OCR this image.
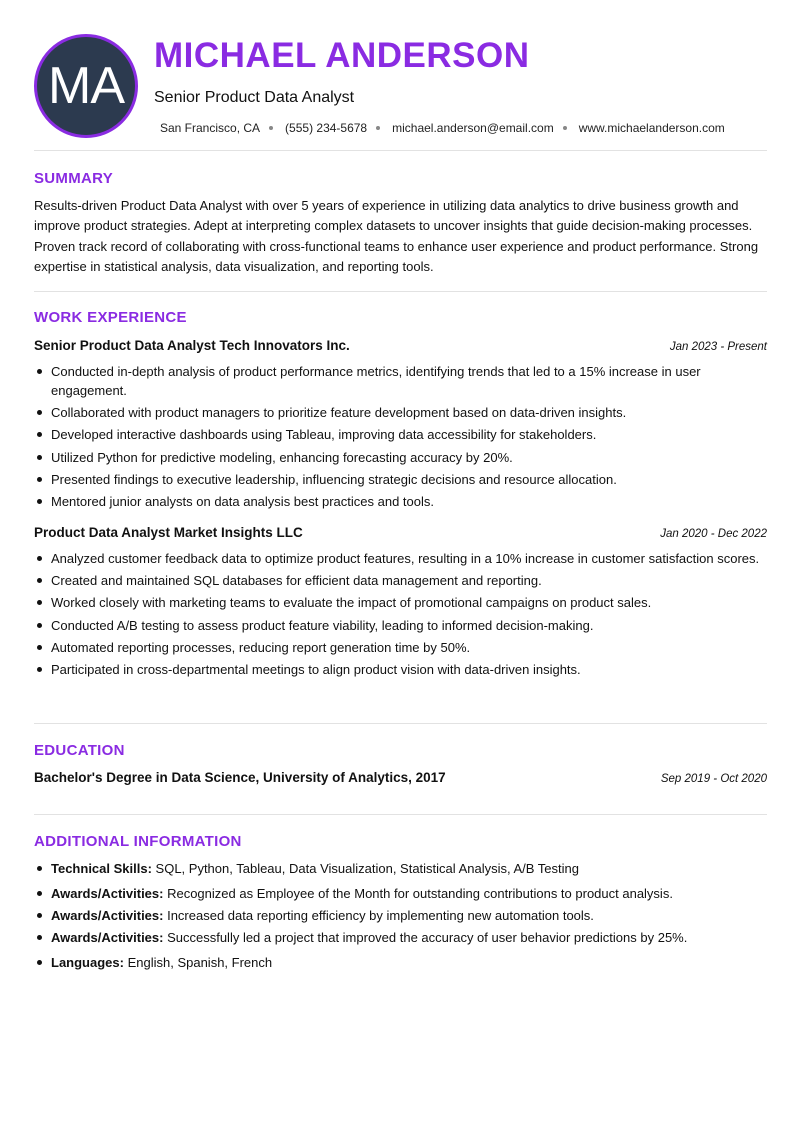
MA
MICHAEL ANDERSON
Senior Product Data Analyst
San Francisco, CA (555) 234-5678 michael.anderson@email.com www.michaelanderson.com
SUMMARY

Results-driven Product Data Analyst with over 5 years of experience in utilizing data analytics to drive business growth and improve product strategies. Adept at interpreting complex datasets to uncover insights that guide decision-making processes. Proven track record of collaborating with cross-functional teams to enhance user experience and product performance. Strong expertise in statistical analysis, data visualization, and reporting tools.

WORK EXPERIENCE
Senior Product Data Analyst Tech Innovators Inc.	Jan 2023 - Present
Conducted in-depth analysis of product performance metrics, identifying trends that led to a 15% increase in user engagement.
Collaborated with product managers to prioritize feature development based on data-driven insights.
Developed interactive dashboards using Tableau, improving data accessibility for stakeholders.
Utilized Python for predictive modeling, enhancing forecasting accuracy by 20%.
Presented findings to executive leadership, influencing strategic decisions and resource allocation.
Mentored junior analysts on data analysis best practices and tools.
Product Data Analyst Market Insights LLC	Jan 2020 - Dec 2022
Analyzed customer feedback data to optimize product features, resulting in a 10% increase in customer satisfaction scores.
Created and maintained SQL databases for efficient data management and reporting.
Worked closely with marketing teams to evaluate the impact of promotional campaigns on product sales.
Conducted A/B testing to assess product feature viability, leading to informed decision-making.
Automated reporting processes, reducing report generation time by 50%.
Participated in cross-departmental meetings to align product vision with data-driven insights.
EDUCATION
Bachelor's Degree in Data Science, University of Analytics, 2017	Sep 2019 - Oct 2020
ADDITIONAL INFORMATION
Technical Skills: SQL, Python, Tableau, Data Visualization, Statistical Analysis, A/B Testing
Awards/Activities: Recognized as Employee of the Month for outstanding contributions to product analysis.
Awards/Activities: Increased data reporting efficiency by implementing new automation tools.
Awards/Activities: Successfully led a project that improved the accuracy of user behavior predictions by 25%.
Languages: English, Spanish, French
